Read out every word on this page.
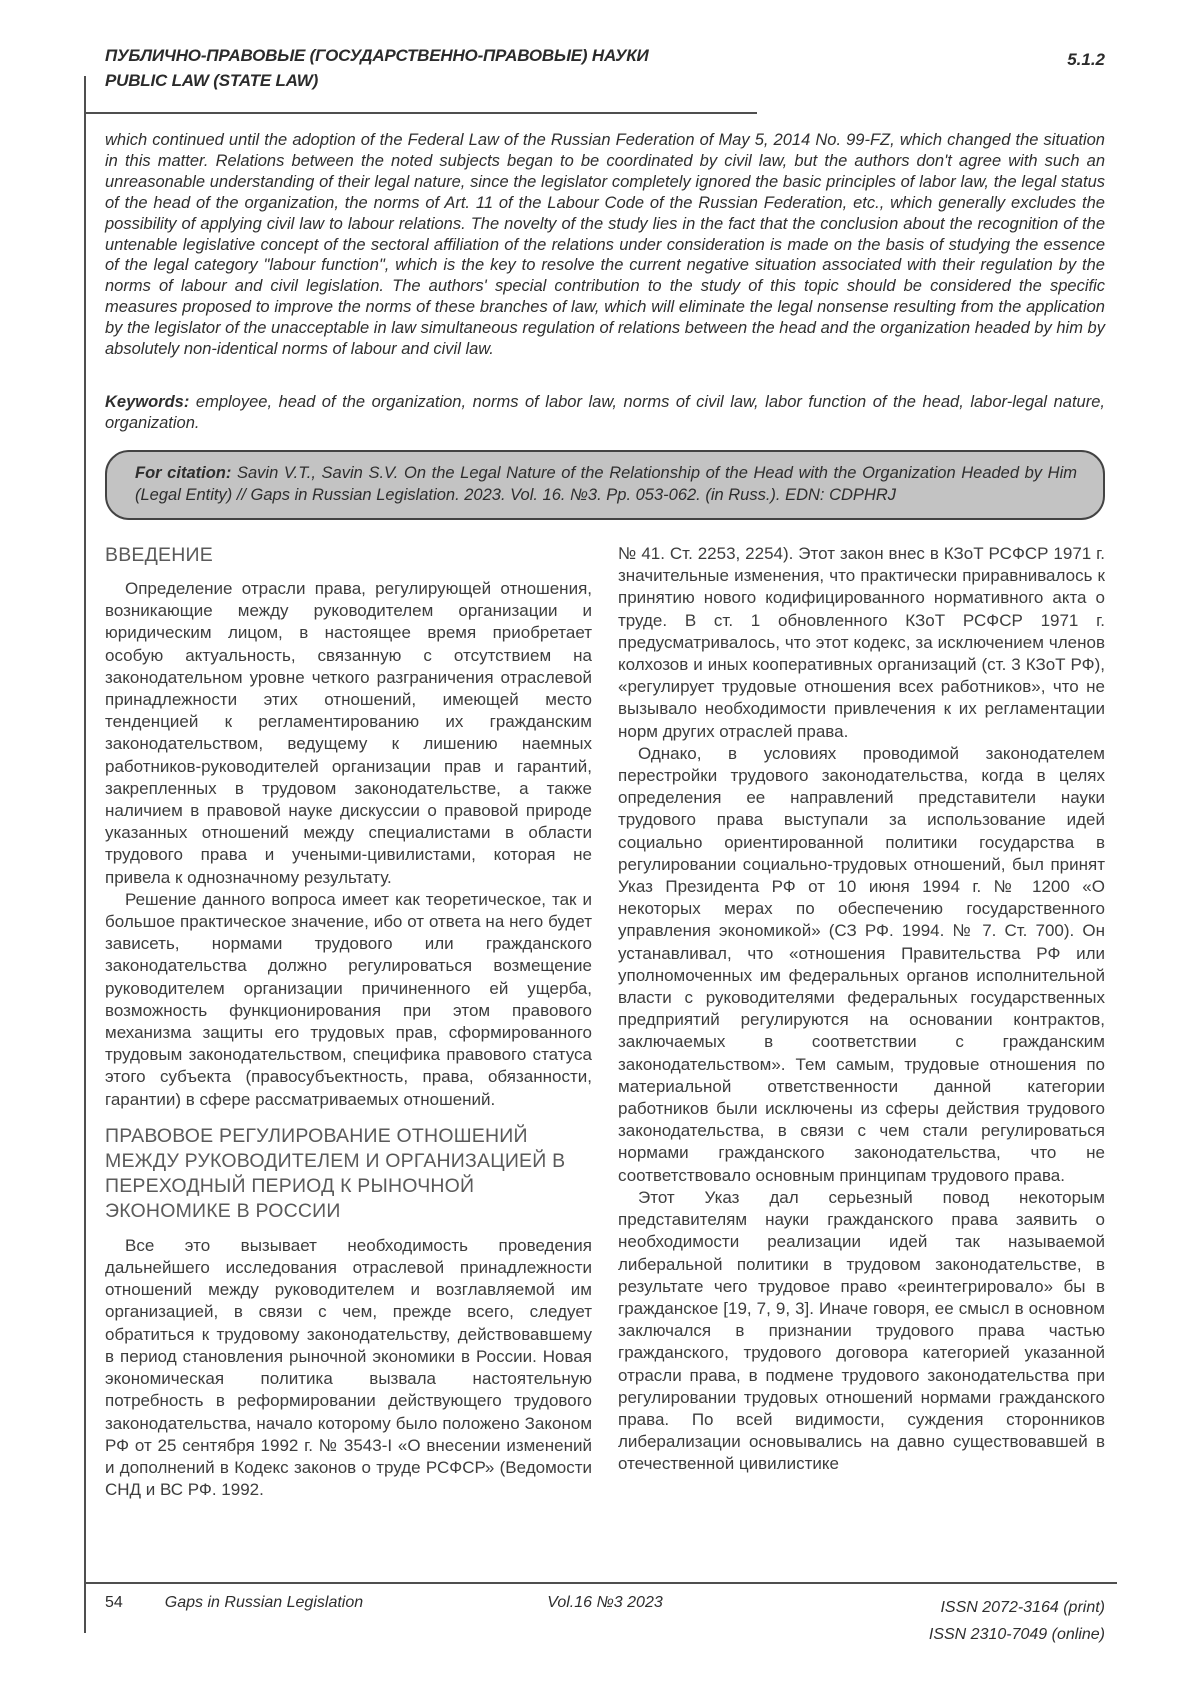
ПУБЛИЧНО-ПРАВОВЫЕ (ГОСУДАРСТВЕННО-ПРАВОВЫЕ) НАУКИ
PUBLIC LAW (STATE LAW)
5.1.2

which continued until the adoption of the Federal Law of the Russian Federation of May 5, 2014 No. 99-FZ, which changed the situation in this matter. Relations between the noted subjects began to be coordinated by civil law, but the authors don't agree with such an unreasonable understanding of their legal nature, since the legislator completely ignored the basic principles of labor law, the legal status of the head of the organization, the norms of Art. 11 of the Labour Code of the Russian Federation, etc., which generally excludes the possibility of applying civil law to labour relations. The novelty of the study lies in the fact that the conclusion about the recognition of the untenable legislative concept of the sectoral affiliation of the relations under consideration is made on the basis of studying the essence of the legal category "labour function", which is the key to resolve the current negative situation associated with their regulation by the norms of labour and civil legislation. The authors' special contribution to the study of this topic should be considered the specific measures proposed to improve the norms of these branches of law, which will eliminate the legal nonsense resulting from the application by the legislator of the unacceptable in law simultaneous regulation of relations between the head and the organization headed by him by absolutely non-identical norms of labour and civil law.

Keywords: employee, head of the organization, norms of labor law, norms of civil law, labor function of the head, labor-legal nature, organization.

For citation: Savin V.T., Savin S.V. On the Legal Nature of the Relationship of the Head with the Organization Headed by Him (Legal Entity) // Gaps in Russian Legislation. 2023. Vol. 16. №3. Pp. 053-062. (in Russ.). EDN: CDPHRJ
ВВЕДЕНИЕ

Определение отрасли права, регулирующей отношения, возникающие между руководителем организации и юридическим лицом, в настоящее время приобретает особую актуальность, связанную с отсутствием на законодательном уровне четкого разграничения отраслевой принадлежности этих отношений, имеющей место тенденцией к регламентированию их гражданским законодательством, ведущему к лишению наемных работников-руководителей организации прав и гарантий, закрепленных в трудовом законодательстве, а также наличием в правовой науке дискуссии о правовой природе указанных отношений между специалистами в области трудового права и учеными-цивилистами, которая не привела к однозначному результату.

Решение данного вопроса имеет как теоретическое, так и большое практическое значение, ибо от ответа на него будет зависеть, нормами трудового или гражданского законодательства должно регулироваться возмещение руководителем организации причиненного ей ущерба, возможность функционирования при этом правового механизма защиты его трудовых прав, сформированного трудовым законодательством, специфика правового статуса этого субъекта (правосубъектность, права, обязанности, гарантии) в сфере рассматриваемых отношений.

ПРАВОВОЕ РЕГУЛИРОВАНИЕ ОТНОШЕНИЙ МЕЖДУ РУКОВОДИТЕЛЕМ И ОРГАНИЗАЦИЕЙ В ПЕРЕХОДНЫЙ ПЕРИОД К РЫНОЧНОЙ ЭКОНОМИКЕ В РОССИИ

Все это вызывает необходимость проведения дальнейшего исследования отраслевой принадлежности отношений между руководителем и возглавляемой им организацией, в связи с чем, прежде всего, следует обратиться к трудовому законодательству, действовавшему в период становления рыночной экономики в России. Новая экономическая политика вызвала настоятельную потребность в реформировании действующего трудового законодательства, начало которому было положено Законом РФ от 25 сентября 1992 г. № 3543-I «О внесении изменений и дополнений в Кодекс законов о труде РСФСР» (Ведомости СНД и ВС РФ. 1992.

№ 41. Ст. 2253, 2254). Этот закон внес в КЗоТ РСФСР 1971 г. значительные изменения, что практически приравнивалось к принятию нового кодифицированного нормативного акта о труде. В ст. 1 обновленного КЗоТ РСФСР 1971 г. предусматривалось, что этот кодекс, за исключением членов колхозов и иных кооперативных организаций (ст. 3 КЗоТ РФ), «регулирует трудовые отношения всех работников», что не вызывало необходимости привлечения к их регламентации норм других отраслей права.

Однако, в условиях проводимой законодателем перестройки трудового законодательства, когда в целях определения ее направлений представители науки трудового права выступали за использование идей социально ориентированной политики государства в регулировании социально-трудовых отношений, был принят Указ Президента РФ от 10 июня 1994 г. № 1200 «О некоторых мерах по обеспечению государственного управления экономикой» (СЗ РФ. 1994. № 7. Ст. 700). Он устанавливал, что «отношения Правительства РФ или уполномоченных им федеральных органов исполнительной власти с руководителями федеральных государственных предприятий регулируются на основании контрактов, заключаемых в соответствии с гражданским законодательством». Тем самым, трудовые отношения по материальной ответственности данной категории работников были исключены из сферы действия трудового законодательства, в связи с чем стали регулироваться нормами гражданского законодательства, что не соответствовало основным принципам трудового права.

Этот Указ дал серьезный повод некоторым представителям науки гражданского права заявить о необходимости реализации идей так называемой либеральной политики в трудовом законодательстве, в результате чего трудовое право «реинтегрировало» бы в гражданское [19, 7, 9, 3]. Иначе говоря, ее смысл в основном заключался в признании трудового права частью гражданского, трудового договора категорией указанной отрасли права, в подмене трудового законодательства при регулировании трудовых отношений нормами гражданского права. По всей видимости, суждения сторонников либерализации основывались на давно существовавшей в отечественной цивилистике

54	Gaps in Russian Legislation	Vol.16 №3 2023	ISSN 2072-3164 (print)
ISSN 2310-7049 (online)
